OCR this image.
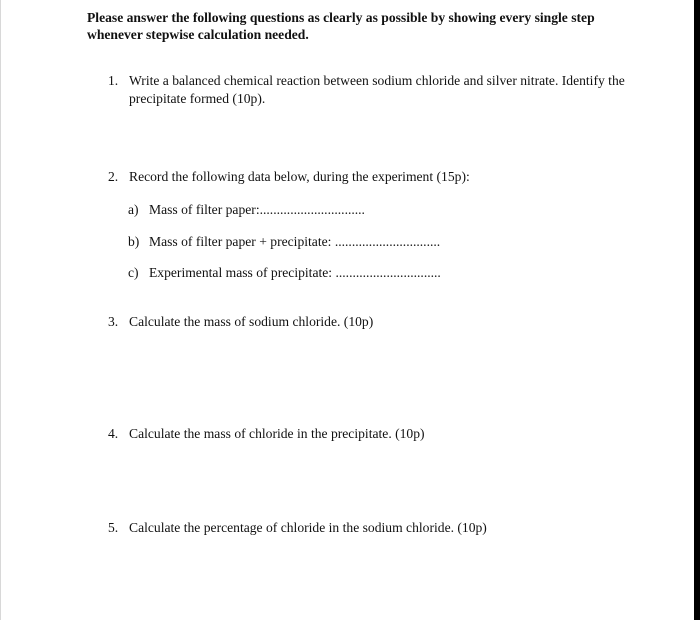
Please answer the following questions as clearly as possible by showing every single step whenever stepwise calculation needed.

1. Write a balanced chemical reaction between sodium chloride and silver nitrate. Identify the precipitate formed (10p).
2. Record the following data below, during the experiment (15p):
a) Mass of filter paper:...............................
b) Mass of filter paper + precipitate: ...............................
c) Experimental mass of precipitate: ...............................
3. Calculate the mass of sodium chloride. (10p)
4. Calculate the mass of chloride in the precipitate. (10p)
5. Calculate the percentage of chloride in the sodium chloride. (10p)
